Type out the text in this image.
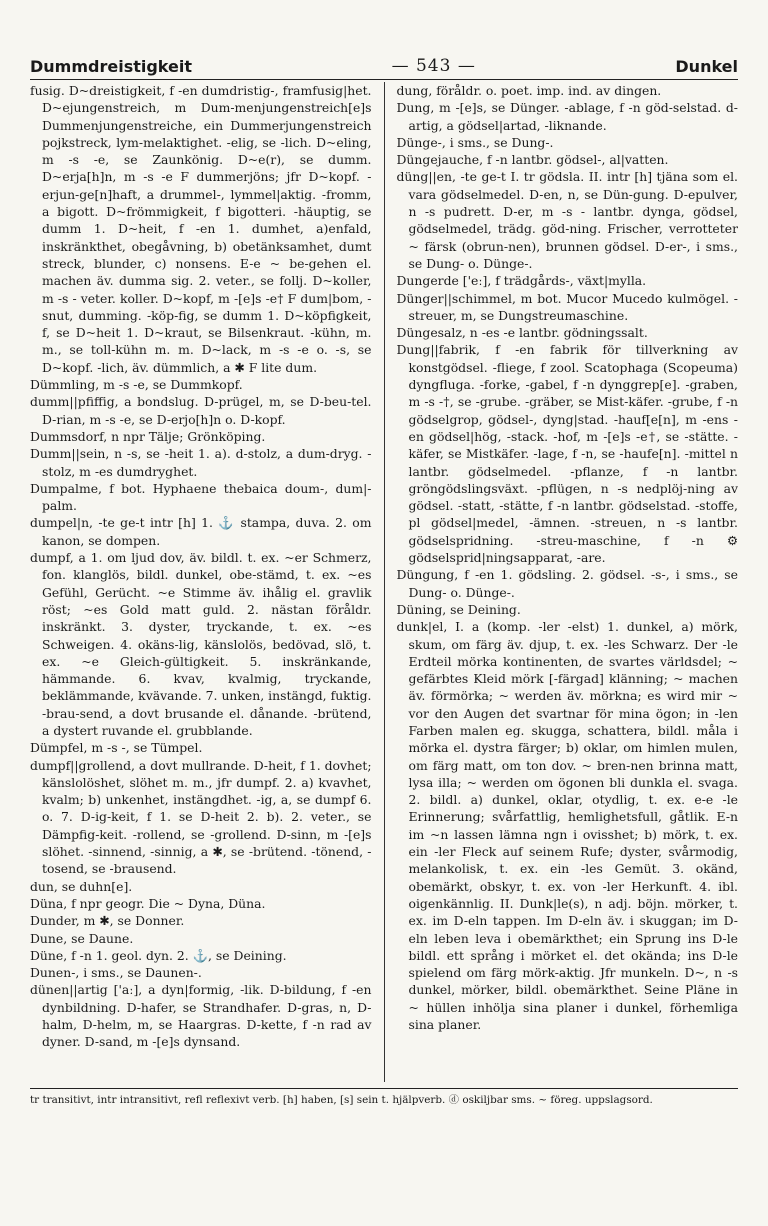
Dummdreistigkeit	— 543 —	Dunkel

fusig. D~dreistigkeit, f -en dumdristig-, framfusig|het. D~ejungenstreich, m Dum-menjungenstreich[e]s Dummenjungenstreiche, ein Dummerjungenstreich pojkstreck, lym-melaktighet. -elig, se -lich. D~eling, m -s -e, se Zaunkönig. D~e(r), se dumm. D~erja[h]n, m -s -e F dummerjöns; jfr D~kopf. -erjun-ge[n]haft, a drummel-, lymmel|aktig. -fromm, a bigott. D~frömmigkeit, f bigotteri. -häuptig, se dumm 1. D~heit, f -en 1. dumhet, a)enfald, inskränkthet, obegåvning, b) obetänksamhet, dumt streck, blunder, c) nonsens. E-e ~ be-gehen el. machen äv. dumma sig. 2. veter., se follj. D~koller, m -s - veter. koller. D~kopf, m -[e]s -e† F dum|bom, -snut, dumming. -köp-fig, se dumm 1. D~köpfigkeit, f, se D~heit 1. D~kraut, se Bilsenkraut. -kühn, m. m., se toll-kühn m. m. D~lack, m -s -e o. -s, se D~kopf. -lich, äv. dümmlich, a ✱ F lite dum.

Dümmling, m -s -e, se Dummkopf.

dumm||pfiffig, a bondslug. D-prügel, m, se D-beu-tel. D-rian, m -s -e, se D-erjo[h]n o. D-kopf.

Dummsdorf, n npr Tälje; Grönköping.

Dumm||sein, n -s, se -heit 1. a). d-stolz, a dum-dryg. -stolz, m -es dumdryghet.

Dumpalme, f bot. Hyphaene thebaica doum-, dum|-palm.

dumpel|n, -te ge-t intr [h] 1. ⚓ stampa, duva. 2. om kanon, se dompen.

dumpf, a 1. om ljud dov, äv. bildl. t. ex. ~er Schmerz, fon. klanglös, bildl. dunkel, obe-stämd, t. ex. ~es Gefühl, Gerücht. ~e Stimme äv. ihålig el. gravlik röst; ~es Gold matt guld. 2. nästan föråldr. inskränkt. 3. dyster, tryckande, t. ex. ~es Schweigen. 4. okäns-lig, känslolös, bedövad, slö, t. ex. ~e Gleich-gültigkeit. 5. inskränkande, hämmande. 6. kvav, kvalmig, tryckande, beklämmande, kvävande. 7. unken, instängd, fuktig. -brau-send, a dovt brusande el. dånande. -brütend, a dystert ruvande el. grubblande.

Dümpfel, m -s -, se Tümpel.

dumpf||grollend, a dovt mullrande. D-heit, f 1. dovhet; känslolöshet, slöhet m. m., jfr dumpf. 2. a) kvavhet, kvalm; b) unkenhet, instängdhet. -ig, a, se dumpf 6. o. 7. D-ig-keit, f 1. se D-heit 2. b). 2. veter., se Dämpfig-keit. -rollend, se -grollend. D-sinn, m -[e]s slöhet. -sinnend, -sinnig, a ✱, se -brütend. -tönend, -tosend, se -brausend.

dun, se duhn[e].

Düna, f npr geogr. Die ~ Dyna, Düna.

Dunder, m ✱, se Donner.

Dune, se Daune.

Düne, f -n 1. geol. dyn. 2. ⚓, se Deining.

Dunen-, i sms., se Daunen-.

dünen||artig ['aː], a dyn|formig, -lik. D-bildung, f -en dynbildning. D-hafer, se Strandhafer. D-gras, n, D-halm, D-helm, m, se Haargras. D-kette, f -n rad av dyner. D-sand, m -[e]s dynsand.

dung, föråldr. o. poet. imp. ind. av dingen.

Dung, m -[e]s, se Dünger. -ablage, f -n göd-selstad. d-artig, a gödsel|artad, -liknande.

Dünge-, i sms., se Dung-.

Düngejauche, f -n lantbr. gödsel-, al|vatten.

düng||en, -te ge-t I. tr gödsla. II. intr [h] tjäna som el. vara gödselmedel. D-en, n, se Dün-gung. D-epulver, n -s pudrett. D-er, m -s - lantbr. dynga, gödsel, gödselmedel, trädg. göd-ning. Frischer, verrotteter ~ färsk (obrun-nen), brunnen gödsel. D-er-, i sms., se Dung- o. Dünge-.

Dungerde ['eː], f trädgårds-, växt|mylla.

Dünger||schimmel, m bot. Mucor Mucedo kulmögel. -streuer, m, se Dungstreumaschine.

Düngesalz, n -es -e lantbr. gödningssalt.

Dung||fabrik, f -en fabrik för tillverkning av konstgödsel. -fliege, f zool. Scatophaga (Scopeuma) dyngfluga. -forke, -gabel, f -n dynggrep[e]. -graben, m -s -†, se -grube. -gräber, se Mist-käfer. -grube, f -n gödselgrop, gödsel-, dyng|stad. -hauf[e[n], m -ens -en gödsel|hög, -stack. -hof, m -[e]s -e†, se -stätte. -käfer, se Mistkäfer. -lage, f -n, se -haufe[n]. -mittel n lantbr. gödselmedel. -pflanze, f -n lantbr. gröngödslingsväxt. -pflügen, n -s nedplöj-ning av gödsel. -statt, -stätte, f -n lantbr. gödselstad. -stoffe, pl gödsel|medel, -ämnen. -streuen, n -s lantbr. gödselspridning. -streu-maschine, f -n ⚙ gödselsprid|ningsapparat, -are.

Düngung, f -en 1. gödsling. 2. gödsel. -s-, i sms., se Dung- o. Dünge-.

Düning, se Deining.

dunk|el, I. a (komp. -ler -elst) 1. dunkel, a) mörk, skum, om färg äv. djup, t. ex. -les Schwarz. Der -le Erdteil mörka kontinenten, de svartes världsdel; ~ gefärbtes Kleid mörk [-färgad] klänning; ~ machen äv. förmörka; ~ werden äv. mörkna; es wird mir ~ vor den Augen det svartnar för mina ögon; in -len Farben malen eg. skugga, schattera, bildl. måla i mörka el. dystra färger; b) oklar, om himlen mulen, om färg matt, om ton dov. ~ bren-nen brinna matt, lysa illa; ~ werden om ögonen bli dunkla el. svaga. 2. bildl. a) dunkel, oklar, otydlig, t. ex. e-e -le Erinnerung; svårfattlig, hemlighetsfull, gåtlik. E-n im ~n lassen lämna ngn i ovisshet; b) mörk, t. ex. ein -ler Fleck auf seinem Rufe; dyster, svårmodig, melankolisk, t. ex. ein -les Gemüt. 3. okänd, obemärkt, obskyr, t. ex. von -ler Herkunft. 4. ibl. oigenkännlig. II. Dunk|le(s), n adj. böjn. mörker, t. ex. im D-eln tappen. Im D-eln äv. i skuggan; im D-eln leben leva i obemärkthet; ein Sprung ins D-le bildl. ett språng i mörket el. det okända; ins D-le spielend om färg mörk-aktig. Jfr munkeln. D~, n -s dunkel, mörker, bildl. obemärkthet. Seine Pläne in ~ hüllen inhölja sina planer i dunkel, förhemliga sina planer.

tr transitivt, intr intransitivt, refl reflexivt verb. [h] haben, [s] sein t. hjälpverb. ⓓ oskiljbar sms. ~ föreg. uppslagsord.
